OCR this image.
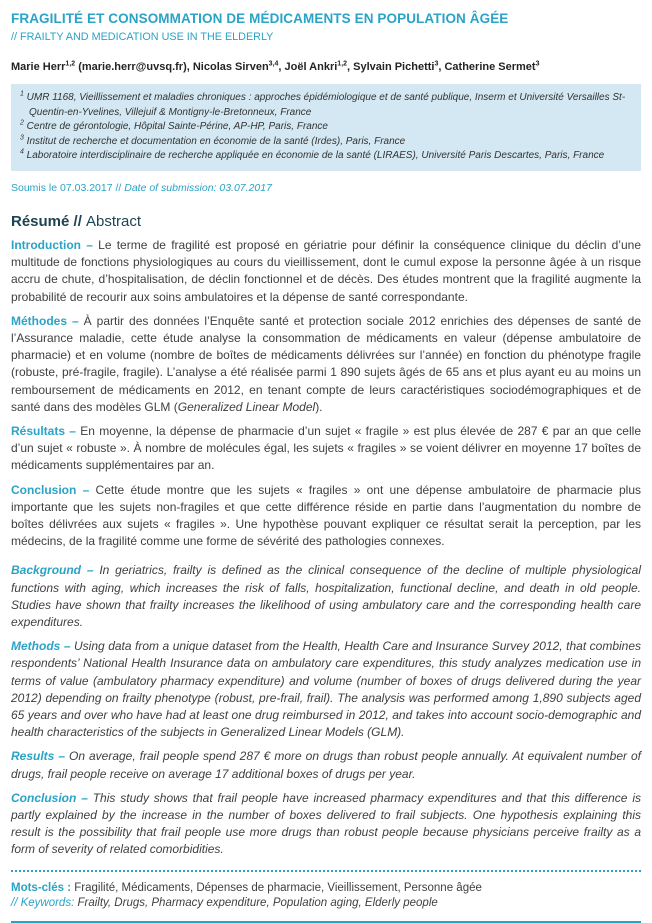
FRAGILITÉ ET CONSOMMATION DE MÉDICAMENTS EN POPULATION ÂGÉE
// FRAILTY AND MEDICATION USE IN THE ELDERLY

Marie Herr$^{1,2}$ (marie.herr@uvsq.fr), Nicolas Sirven$^{3,4}$, Joël Ankri$^{1,2}$, Sylvain Pichetti$^3$, Catherine Sermet$^3$

$^1$ UMR 1168, Vieillissement et maladies chroniques : approches épidémiologique et de santé publique, Inserm et Université Versailles St-Quentin-en-Yvelines, Villejuif & Montigny-le-Bretonneux, France
$^2$ Centre de gérontologie, Hôpital Sainte-Périne, AP-HP, Paris, France
$^3$ Institut de recherche et documentation en économie de la santé (Irdes), Paris, France
$^4$ Laboratoire interdisciplinaire de recherche appliquée en économie de la santé (LIRAES), Université Paris Descartes, Paris, France

Soumis le 07.03.2017 // Date of submission: 03.07.2017

Résumé // Abstract

Introduction – Le terme de fragilité est proposé en gériatrie pour définir la conséquence clinique du déclin d’une multitude de fonctions physiologiques au cours du vieillissement, dont le cumul expose la personne âgée à un risque accru de chute, d’hospitalisation, de déclin fonctionnel et de décès. Des études montrent que la fragilité augmente la probabilité de recourir aux soins ambulatoires et la dépense de santé correspondante.

Méthodes – À partir des données l’Enquête santé et protection sociale 2012 enrichies des dépenses de santé de l’Assurance maladie, cette étude analyse la consommation de médicaments en valeur (dépense ambulatoire de pharmacie) et en volume (nombre de boîtes de médicaments délivrées sur l’année) en fonction du phénotype fragile (robuste, pré-fragile, fragile). L’analyse a été réalisée parmi 1 890 sujets âgés de 65 ans et plus ayant eu au moins un remboursement de médicaments en 2012, en tenant compte de leurs caractéristiques sociodémographiques et de santé dans des modèles GLM (Generalized Linear Model).

Résultats – En moyenne, la dépense de pharmacie d’un sujet « fragile » est plus élevée de 287 € par an que celle d’un sujet « robuste ». À nombre de molécules égal, les sujets « fragiles » se voient délivrer en moyenne 17 boîtes de médicaments supplémentaires par an.

Conclusion – Cette étude montre que les sujets « fragiles » ont une dépense ambulatoire de pharmacie plus importante que les sujets non-fragiles et que cette différence réside en partie dans l’augmentation du nombre de boîtes délivrées aux sujets « fragiles ». Une hypothèse pouvant expliquer ce résultat serait la perception, par les médecins, de la fragilité comme une forme de sévérité des pathologies connexes.

Background – In geriatrics, frailty is defined as the clinical consequence of the decline of multiple physiological functions with aging, which increases the risk of falls, hospitalization, functional decline, and death in old people. Studies have shown that frailty increases the likelihood of using ambulatory care and the corresponding health care expenditures.

Methods – Using data from a unique dataset from the Health, Health Care and Insurance Survey 2012, that combines respondents’ National Health Insurance data on ambulatory care expenditures, this study analyzes medication use in terms of value (ambulatory pharmacy expenditure) and volume (number of boxes of drugs delivered during the year 2012) depending on frailty phenotype (robust, pre-frail, frail). The analysis was performed among 1,890 subjects aged 65 years and over who have had at least one drug reimbursed in 2012, and takes into account socio-demographic and health characteristics of the subjects in Generalized Linear Models (GLM).

Results – On average, frail people spend 287 € more on drugs than robust people annually. At equivalent number of drugs, frail people receive on average 17 additional boxes of drugs per year.

Conclusion – This study shows that frail people have increased pharmacy expenditures and that this difference is partly explained by the increase in the number of boxes delivered to frail subjects. One hypothesis explaining this result is the possibility that frail people use more drugs than robust people because physicians perceive frailty as a form of severity of related comorbidities.

Mots-clés : Fragilité, Médicaments, Dépenses de pharmacie, Vieillissement, Personne âgée

// Keywords: Frailty, Drugs, Pharmacy expenditure, Population aging, Elderly people
